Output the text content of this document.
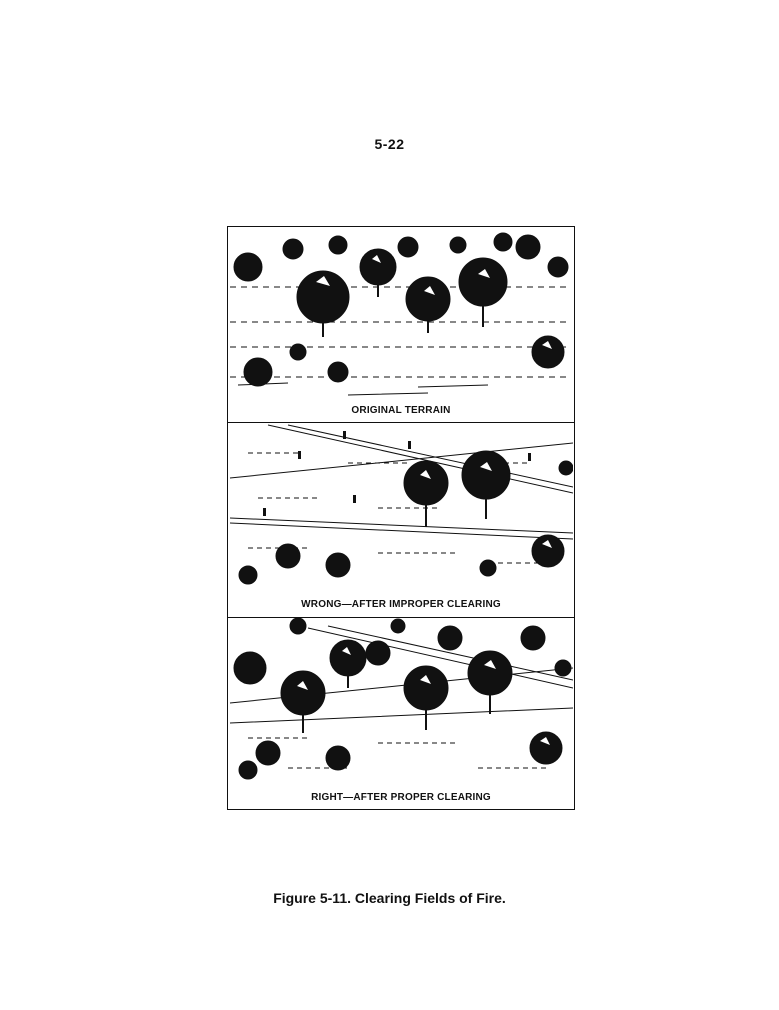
5-22
ORIGINAL TERRAIN
WRONG—AFTER IMPROPER CLEARING
RIGHT—AFTER PROPER CLEARING
Figure 5-11. Clearing Fields of Fire.
